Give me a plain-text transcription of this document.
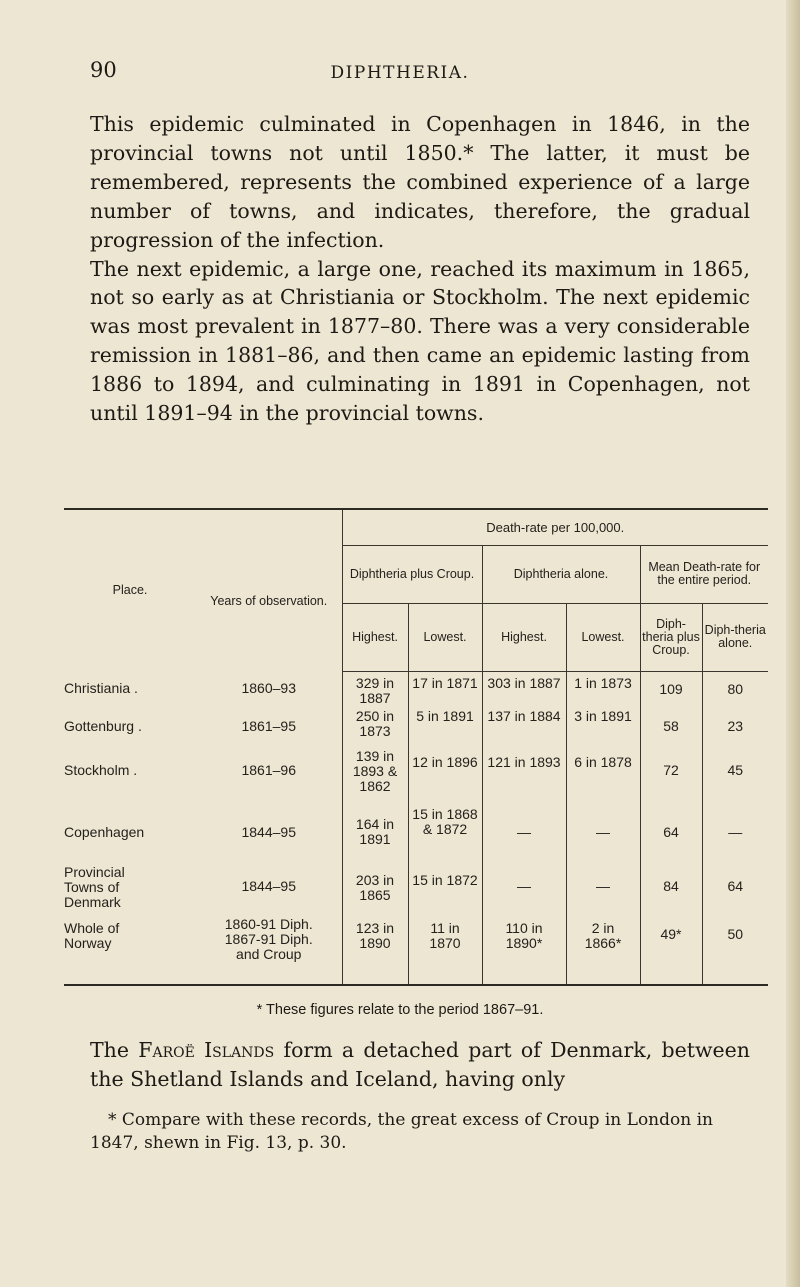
90	DIPHTHERIA.

This epidemic culminated in Copenhagen in 1846, in the provincial towns not until 1850.* The latter, it must be remembered, represents the combined experience of a large number of towns, and indicates, therefore, the gradual progression of the infection.

The next epidemic, a large one, reached its maximum in 1865, not so early as at Christiania or Stockholm. The next epidemic was most prevalent in 1877–80. There was a very considerable remission in 1881–86, and then came an epidemic lasting from 1886 to 1894, and culminating in 1891 in Copenhagen, not until 1891–94 in the provincial towns.

Place.	Years of observation.	Death-rate per 100,000.					
		Diphtheria plus Croup.		Diphtheria alone.		Mean Death-rate for the entire period.	
		Highest.	Lowest.	Highest.	Lowest.	Diph-theria plus Croup.	Diph-theria alone.
Christiania .	1860–93	329 in 1887	17 in 1871	303 in 1887	1 in 1873	109	80
Gottenburg .	1861–95	250 in 1873	5 in 1891	137 in 1884	3 in 1891	58	23
Stockholm .	1861–96	139 in 1893 & 1862	12 in 1896	121 in 1893	6 in 1878	72	45
Copenhagen	1844–95	164 in 1891	15 in 1868 & 1872	—	—	64	—

Provincial Towns of Denmark	1844–95	203 in 1865	15 in 1872	—	—	84	64

Whole of Norway	1860-91 Diph. 1867-91 Diph. and Croup	123 in 1890	11 in 1870	110 in 1890*	2 in 1866*	49*	50
* These figures relate to the period 1867–91.

The Faroë Islands form a detached part of Denmark, between the Shetland Islands and Iceland, having only

* Compare with these records, the great excess of Croup in London in 1847, shewn in Fig. 13, p. 30.
